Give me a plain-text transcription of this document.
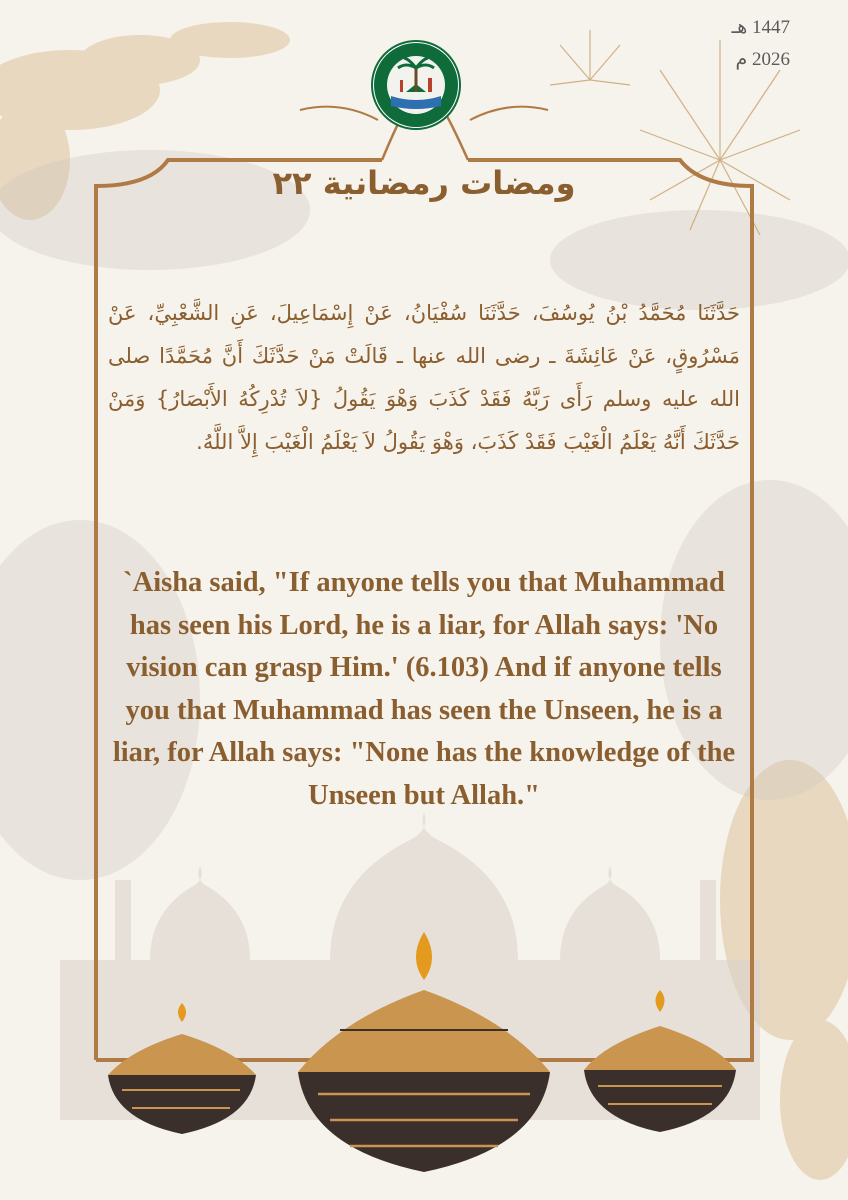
1447 هـ
2026 م
ومضات رمضانية ٢٢
حَدَّثَنَا مُحَمَّدُ بْنُ يُوسُفَ، حَدَّثَنَا سُفْيَانُ، عَنْ إِسْمَاعِيلَ، عَنِ الشَّعْبِيِّ، عَنْ مَسْرُوقٍ، عَنْ عَائِشَةَ ـ رضى الله عنها ـ قَالَتْ مَنْ حَدَّثَكَ أَنَّ مُحَمَّدًا صلى الله عليه وسلم رَأَى رَبَّهُ فَقَدْ كَذَبَ وَهْوَ يَقُولُ {لاَ تُدْرِكُهُ الأَبْصَارُ} وَمَنْ حَدَّثَكَ أَنَّهُ يَعْلَمُ الْغَيْبَ فَقَدْ كَذَبَ، وَهْوَ يَقُولُ لاَ يَعْلَمُ الْغَيْبَ إِلاَّ اللَّهُ.
`Aisha said, "If anyone tells you that Muhammad has seen his Lord, he is a liar, for Allah says: 'No vision can grasp Him.' (6.103) And if anyone tells you that Muhammad has seen the Unseen, he is a liar, for Allah says: "None has the knowledge of the Unseen but Allah."
